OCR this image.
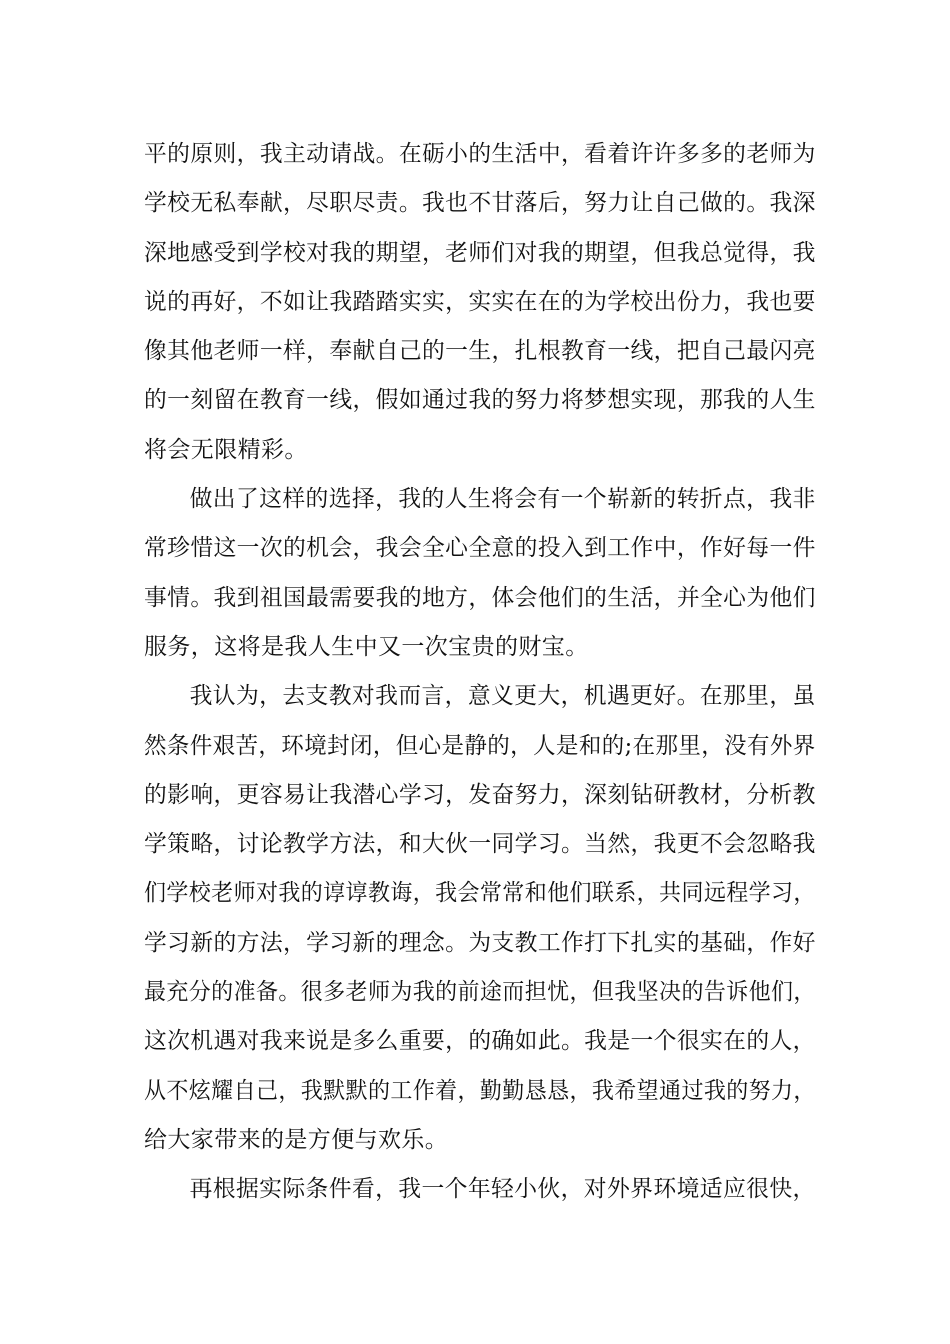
平的原则，我主动请战。在砺小的生活中，看着许许多多的老师为
学校无私奉献，尽职尽责。我也不甘落后，努力让自己做的。我深
深地感受到学校对我的期望，老师们对我的期望，但我总觉得，我
说的再好，不如让我踏踏实实，实实在在的为学校出份力，我也要
像其他老师一样，奉献自己的一生，扎根教育一线，把自己最闪亮
的一刻留在教育一线，假如通过我的努力将梦想实现，那我的人生
将会无限精彩。
做出了这样的选择，我的人生将会有一个崭新的转折点，我非
常珍惜这一次的机会，我会全心全意的投入到工作中，作好每一件
事情。我到祖国最需要我的地方，体会他们的生活，并全心为他们
服务，这将是我人生中又一次宝贵的财宝。
我认为，去支教对我而言，意义更大，机遇更好。在那里，虽
然条件艰苦，环境封闭，但心是静的，人是和的;在那里，没有外界
的影响，更容易让我潜心学习，发奋努力，深刻钻研教材，分析教
学策略，讨论教学方法，和大伙一同学习。当然，我更不会忽略我
们学校老师对我的谆谆教诲，我会常常和他们联系，共同远程学习，
学习新的方法，学习新的理念。为支教工作打下扎实的基础，作好
最充分的准备。很多老师为我的前途而担忧，但我坚决的告诉他们，
这次机遇对我来说是多么重要，的确如此。我是一个很实在的人，
从不炫耀自己，我默默的工作着，勤勤恳恳，我希望通过我的努力，
给大家带来的是方便与欢乐。
再根据实际条件看，我一个年轻小伙，对外界环境适应很快，
